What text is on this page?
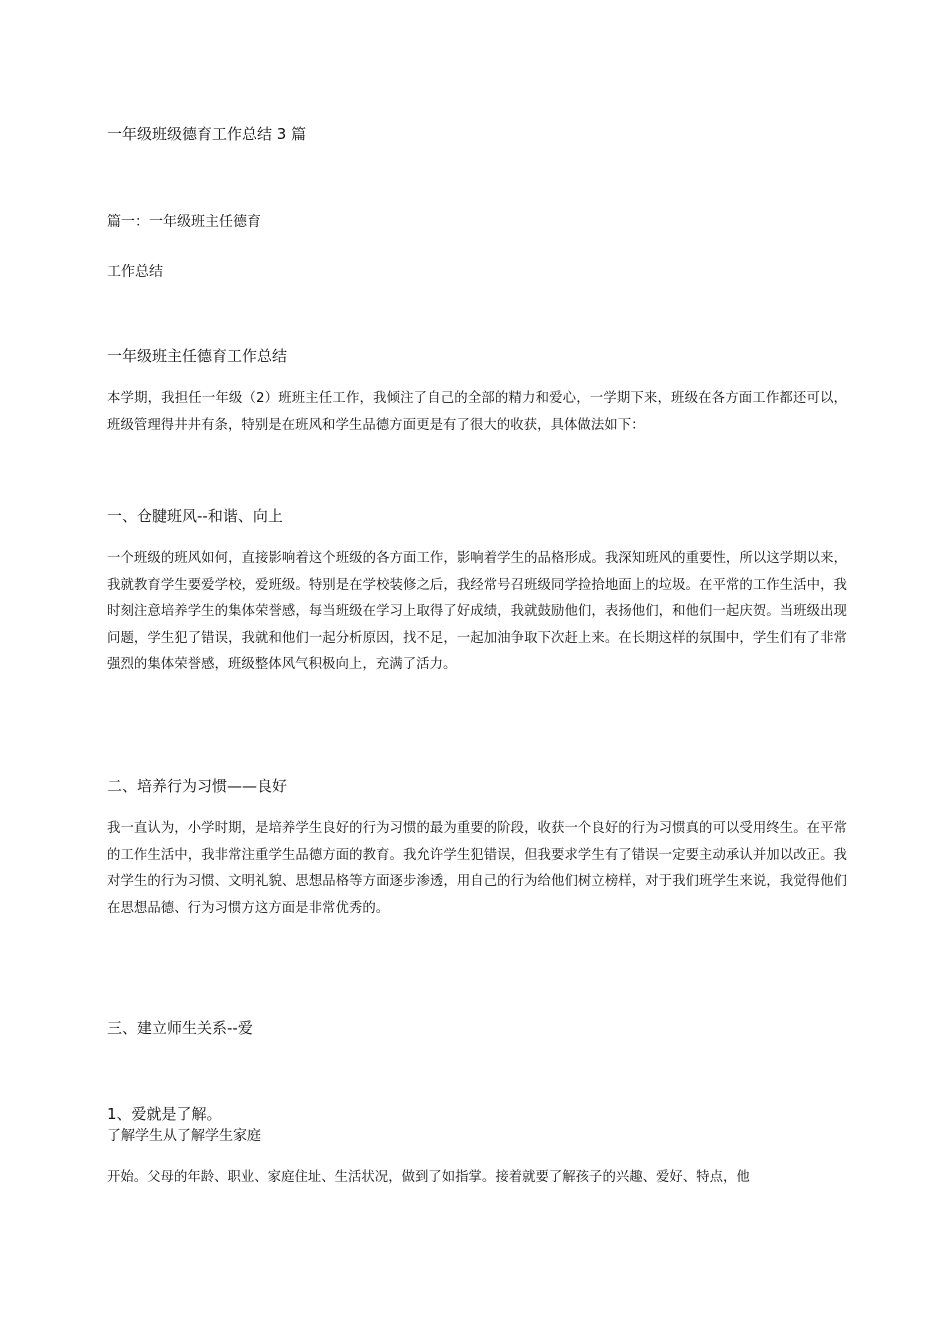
一年级班级德育工作总结 3 篇

篇一：一年级班主任德育

工作总结

一年级班主任德育工作总结

本学期，我担任一年级（2）班班主任工作，我倾注了自己的全部的精力和爱心，一学期下来，班级在各方面工作都还可以，班级管理得井井有条，特别是在班风和学生品德方面更是有了很大的收获，具体做法如下：

一、仓腱班风--和谐、向上

一个班级的班风如何，直接影响着这个班级的各方面工作，影响着学生的品格形成。我深知班风的重要性，所以这学期以来，我就教育学生要爱学校，爱班级。特别是在学校装修之后，我经常号召班级同学捡拾地面上的垃圾。在平常的工作生活中，我时刻注意培养学生的集体荣誉感，每当班级在学习上取得了好成绩，我就鼓励他们，表扬他们，和他们一起庆贺。当班级出现问题，学生犯了错误，我就和他们一起分析原因，找不足，一起加油争取下次赶上来。在长期这样的氛围中，学生们有了非常强烈的集体荣誉感，班级整体风气积极向上，充满了活力。

二、培养行为习惯——良好

我一直认为，小学时期，是培养学生良好的行为习惯的最为重要的阶段，收获一个良好的行为习惯真的可以受用终生。在平常的工作生活中，我非常注重学生品德方面的教育。我允许学生犯错误，但我要求学生有了错误一定要主动承认并加以改正。我对学生的行为习惯、文明礼貌、思想品格等方面逐步渗透，用自己的行为给他们树立榜样，对于我们班学生来说，我觉得他们在思想品德、行为习惯方这方面是非常优秀的。

三、建立师生关系--爱

1、爱就是了解。

了解学生从了解学生家庭

开始。父母的年龄、职业、家庭住址、生活状况，做到了如指掌。接着就要了解孩子的兴趣、爱好、特点，他
